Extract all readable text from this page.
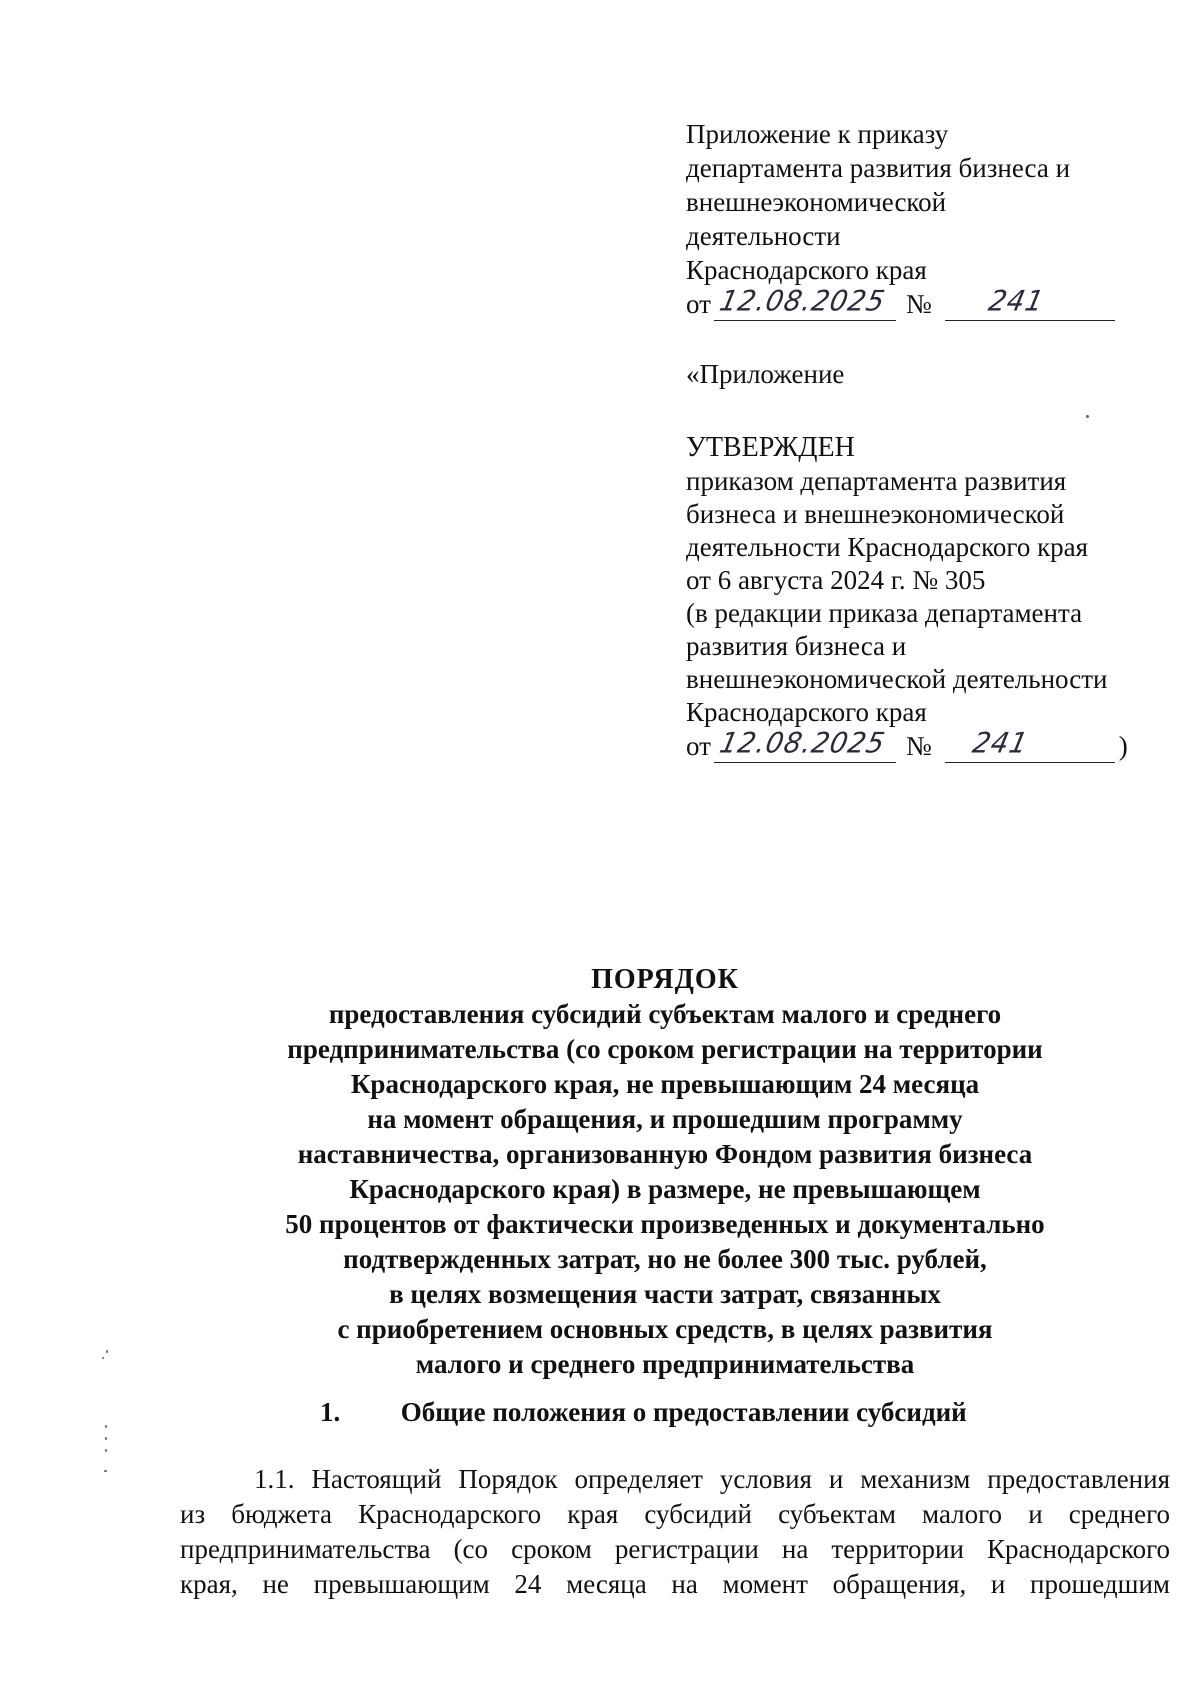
Приложение к приказу
департамента развития бизнеса и
внешнеэкономической
деятельности
Краснодарского края
от 12.08.2025 № 241
«Приложение
УТВЕРЖДЕН
приказом департамента развития
бизнеса и внешнеэкономической
деятельности Краснодарского края
от 6 августа 2024 г. № 305
(в редакции приказа департамента
развития бизнеса и
внешнеэкономической деятельности
Краснодарского края
от 12.08.2025 № 241	)
ПОРЯДОК
предоставления субсидий субъектам малого и среднего
предпринимательства (со сроком регистрации на территории
Краснодарского края, не превышающим 24 месяца
на момент обращения, и прошедшим программу
наставничества, организованную Фондом развития бизнеса
Краснодарского края) в размере, не превышающем
50 процентов от фактически произведенных и документально
подтвержденных затрат, но не более 300 тыс. рублей,
в целях возмещения части затрат, связанных
с приобретением основных средств, в целях развития
малого и среднего предпринимательства
1. Общие положения о предоставлении субсидий
1.1. Настоящий Порядок определяет условия и механизм предоставления
из бюджета Краснодарского края субсидий субъектам малого и среднего
предпринимательства (со сроком регистрации на территории Краснодарского
края, не превышающим 24 месяца на момент обращения, и прошедшим
